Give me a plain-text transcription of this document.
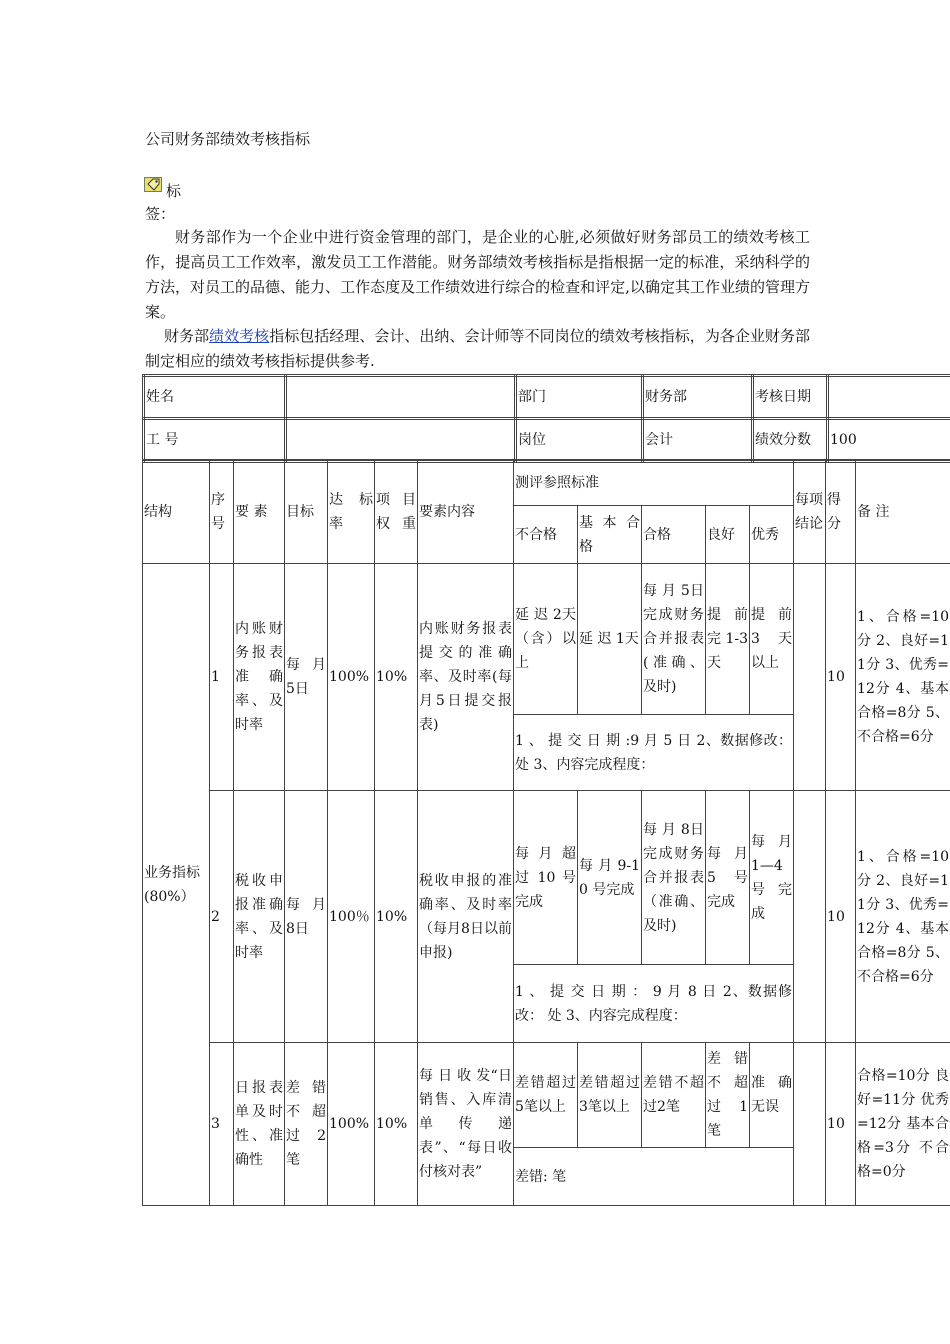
公司财务部绩效考核指标
标
签：
财务部作为一个企业中进行资金管理的部门，是企业的心脏,必须做好财务部员工的绩效考核工作，提高员工工作效率，激发员工工作潜能。财务部绩效考核指标是指根据一定的标准，采纳科学的方法，对员工的品德、能力、工作态度及工作绩效进行综合的检查和评定,以确定其工作业绩的管理方案。
财务部绩效考核指标包括经理、会计、出纳、会计师等不同岗位的绩效考核指标，为各企业财务部制定相应的绩效考核指标提供参考.
姓名		部门	财务部	考核日期	
工 号		岗位	会计	绩效分数	100
结构	序号	要 素	目标	达 标率	项 目权重	要素内容	测评参照标准					每项结论	得分	备 注
							不合格	基 本 合格	合格	良好	优秀			
业务指标(80%）	1	内账财务报表准 确率、及时率	每 月5日	100%	10%	内账财务报表提交的准确率、及时率(每月5日提交报表)	延 迟 2天（含）以上	延 迟 1天	每 月 5日完成财务合并报表(准确、及时)	提 前完1-3天	提 前3 天以上		10	1、合格=10分 2、良好=11分 3、优秀=12分 4、基本合格=8分 5、不合格=6分
							1 、 提 交 日 期 :9 月 5 日 2、数据修改： 处 3、内容完成程度：							
	2	税收申报准确率、及时率	每 月8日	100％	10%	税收申报的准确率、及时率（每月8日以前申报)	每 月 超过 10 号完成	每 月 9-10 号完成	每 月 8日完成财务合并报表（准确、及时)	每 月5 号完成	每 月1—4号完成		10	1、合格=10分 2、良好=11分 3、优秀=12分 4、基本合格=8分 5、不合格=6分
							1 、 提 交 日 期 ： 9 月 8 日 2、数据修改： 处 3、内容完成程度：							
	3	日报表单及时性、准确性	差 错不 超过 2笔	100%	10%	每 日 收 发“日销售、入库清单传递表”、“每日收付核对表”	差错超过5笔以上	差错超过3笔以上	差错不超过2笔	差 错不 超过 1笔	准 确无误		10	合格=10分 良好=11分 优秀=12分 基本合格=3分 不合格=0分
							差错: 笔							
